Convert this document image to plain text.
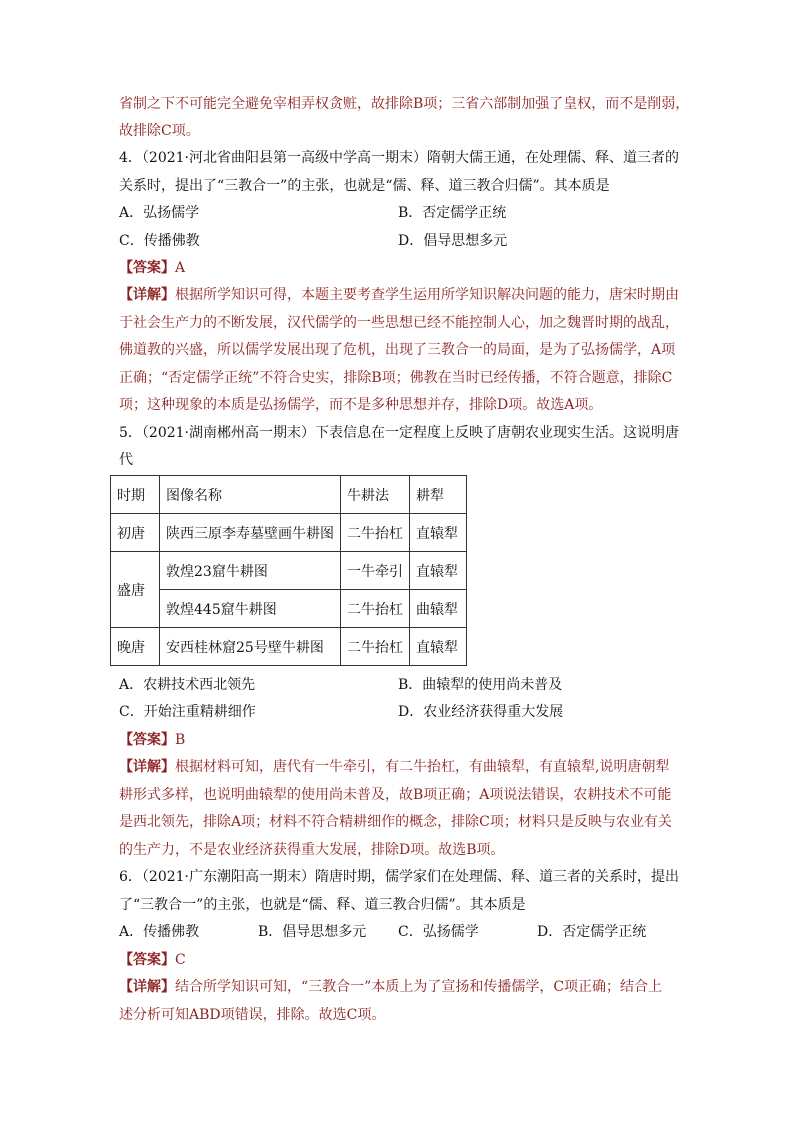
省制之下不可能完全避免宰相弄权贪赃，故排除B项；三省六部制加强了皇权，而不是削弱，
故排除C项。
4．（2021·河北省曲阳县第一高级中学高一期末）隋朝大儒王通，在处理儒、释、道三者的
关系时，提出了“三教合一”的主张，也就是“儒、释、道三教合归儒”。其本质是
A．弘扬儒学	B．否定儒学正统
C．传播佛教	D．倡导思想多元
【答案】A
【详解】根据所学知识可得，本题主要考查学生运用所学知识解决问题的能力，唐宋时期由
于社会生产力的不断发展，汉代儒学的一些思想已经不能控制人心，加之魏晋时期的战乱，
佛道教的兴盛，所以儒学发展出现了危机，出现了三教合一的局面，是为了弘扬儒学，A项
正确；“否定儒学正统”不符合史实，排除B项；佛教在当时已经传播，不符合题意，排除C
项；这种现象的本质是弘扬儒学，而不是多种思想并存，排除D项。故选A项。
5．（2021·湖南郴州高一期末）下表信息在一定程度上反映了唐朝农业现实生活。这说明唐
代
时期	图像名称	牛耕法	耕犁
初唐	陕西三原李寿墓壁画牛耕图	二牛抬杠	直辕犁
盛唐	敦煌23窟牛耕图	一牛牵引	直辕犁
	敦煌445窟牛耕图	二牛抬杠	曲辕犁
晚唐	安西桂林窟25号壁牛耕图	二牛抬杠	直辕犁
A．农耕技术西北领先	B．曲辕犁的使用尚未普及
C．开始注重精耕细作	D．农业经济获得重大发展
【答案】B
【详解】根据材料可知，唐代有一牛牵引，有二牛抬杠，有曲辕犁，有直辕犁,说明唐朝犁
耕形式多样，也说明曲辕犁的使用尚未普及，故B项正确；A项说法错误，农耕技术不可能
是西北领先，排除A项；材料不符合精耕细作的概念，排除C项；材料只是反映与农业有关
的生产力，不是农业经济获得重大发展，排除D项。故选B项。
6．（2021·广东潮阳高一期末）隋唐时期，儒学家们在处理儒、释、道三者的关系时，提出
了“三教合一”的主张，也就是“儒、释、道三教合归儒”。其本质是
A．传播佛教	B．倡导思想多元 C．弘扬儒学	D．否定儒学正统
【答案】C
【详解】结合所学知识可知，“三教合一”本质上为了宣扬和传播儒学，C项正确；结合上
述分析可知ABD项错误，排除。故选C项。
